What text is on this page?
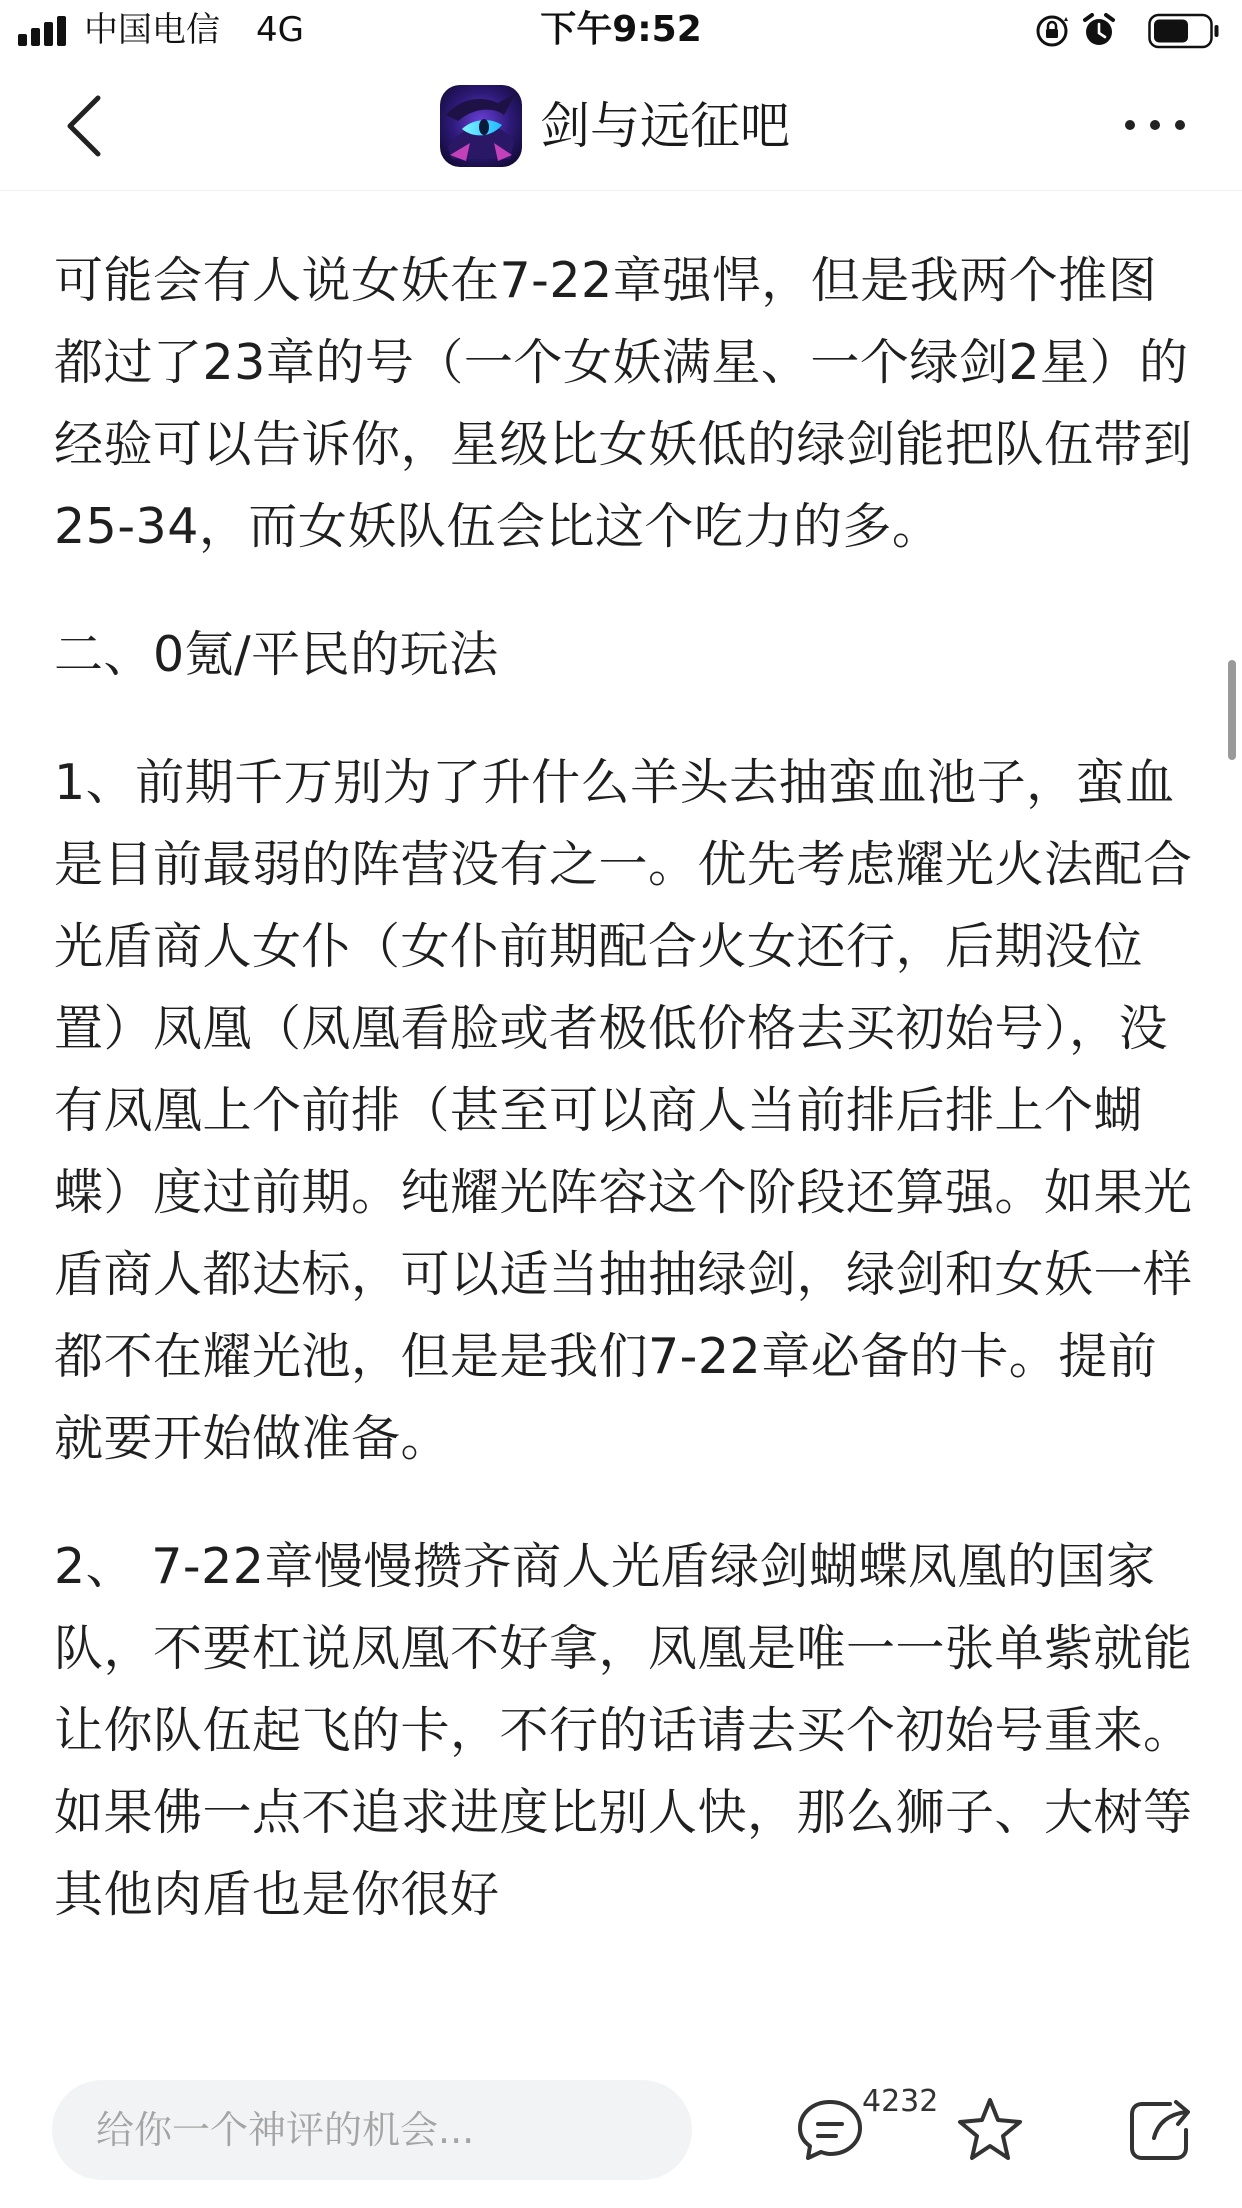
中国电信 4G	下午9:52
剑与远征吧

可能会有人说女妖在7-22章强悍，但是我两个推图都过了23章的号（一个女妖满星、一个绿剑2星）的经验可以告诉你，星级比女妖低的绿剑能把队伍带到25-34，而女妖队伍会比这个吃力的多。

二、0氪/平民的玩法

1、前期千万别为了升什么羊头去抽蛮血池子，蛮血是目前最弱的阵营没有之一。优先考虑耀光火法配合光盾商人女仆（女仆前期配合火女还行，后期没位置）凤凰（凤凰看脸或者极低价格去买初始号），没有凤凰上个前排（甚至可以商人当前排后排上个蝴蝶）度过前期。纯耀光阵容这个阶段还算强。如果光盾商人都达标，可以适当抽抽绿剑，绿剑和女妖一样都不在耀光池，但是是我们7-22章必备的卡。提前就要开始做准备。

2、 7-22章慢慢攒齐商人光盾绿剑蝴蝶凤凰的国家队，不要杠说凤凰不好拿，凤凰是唯一一张单紫就能让你队伍起飞的卡，不行的话请去买个初始号重来。如果佛一点不追求进度比别人快，那么狮子、大树等其他肉盾也是你很好

给你一个神评的机会...
4232
